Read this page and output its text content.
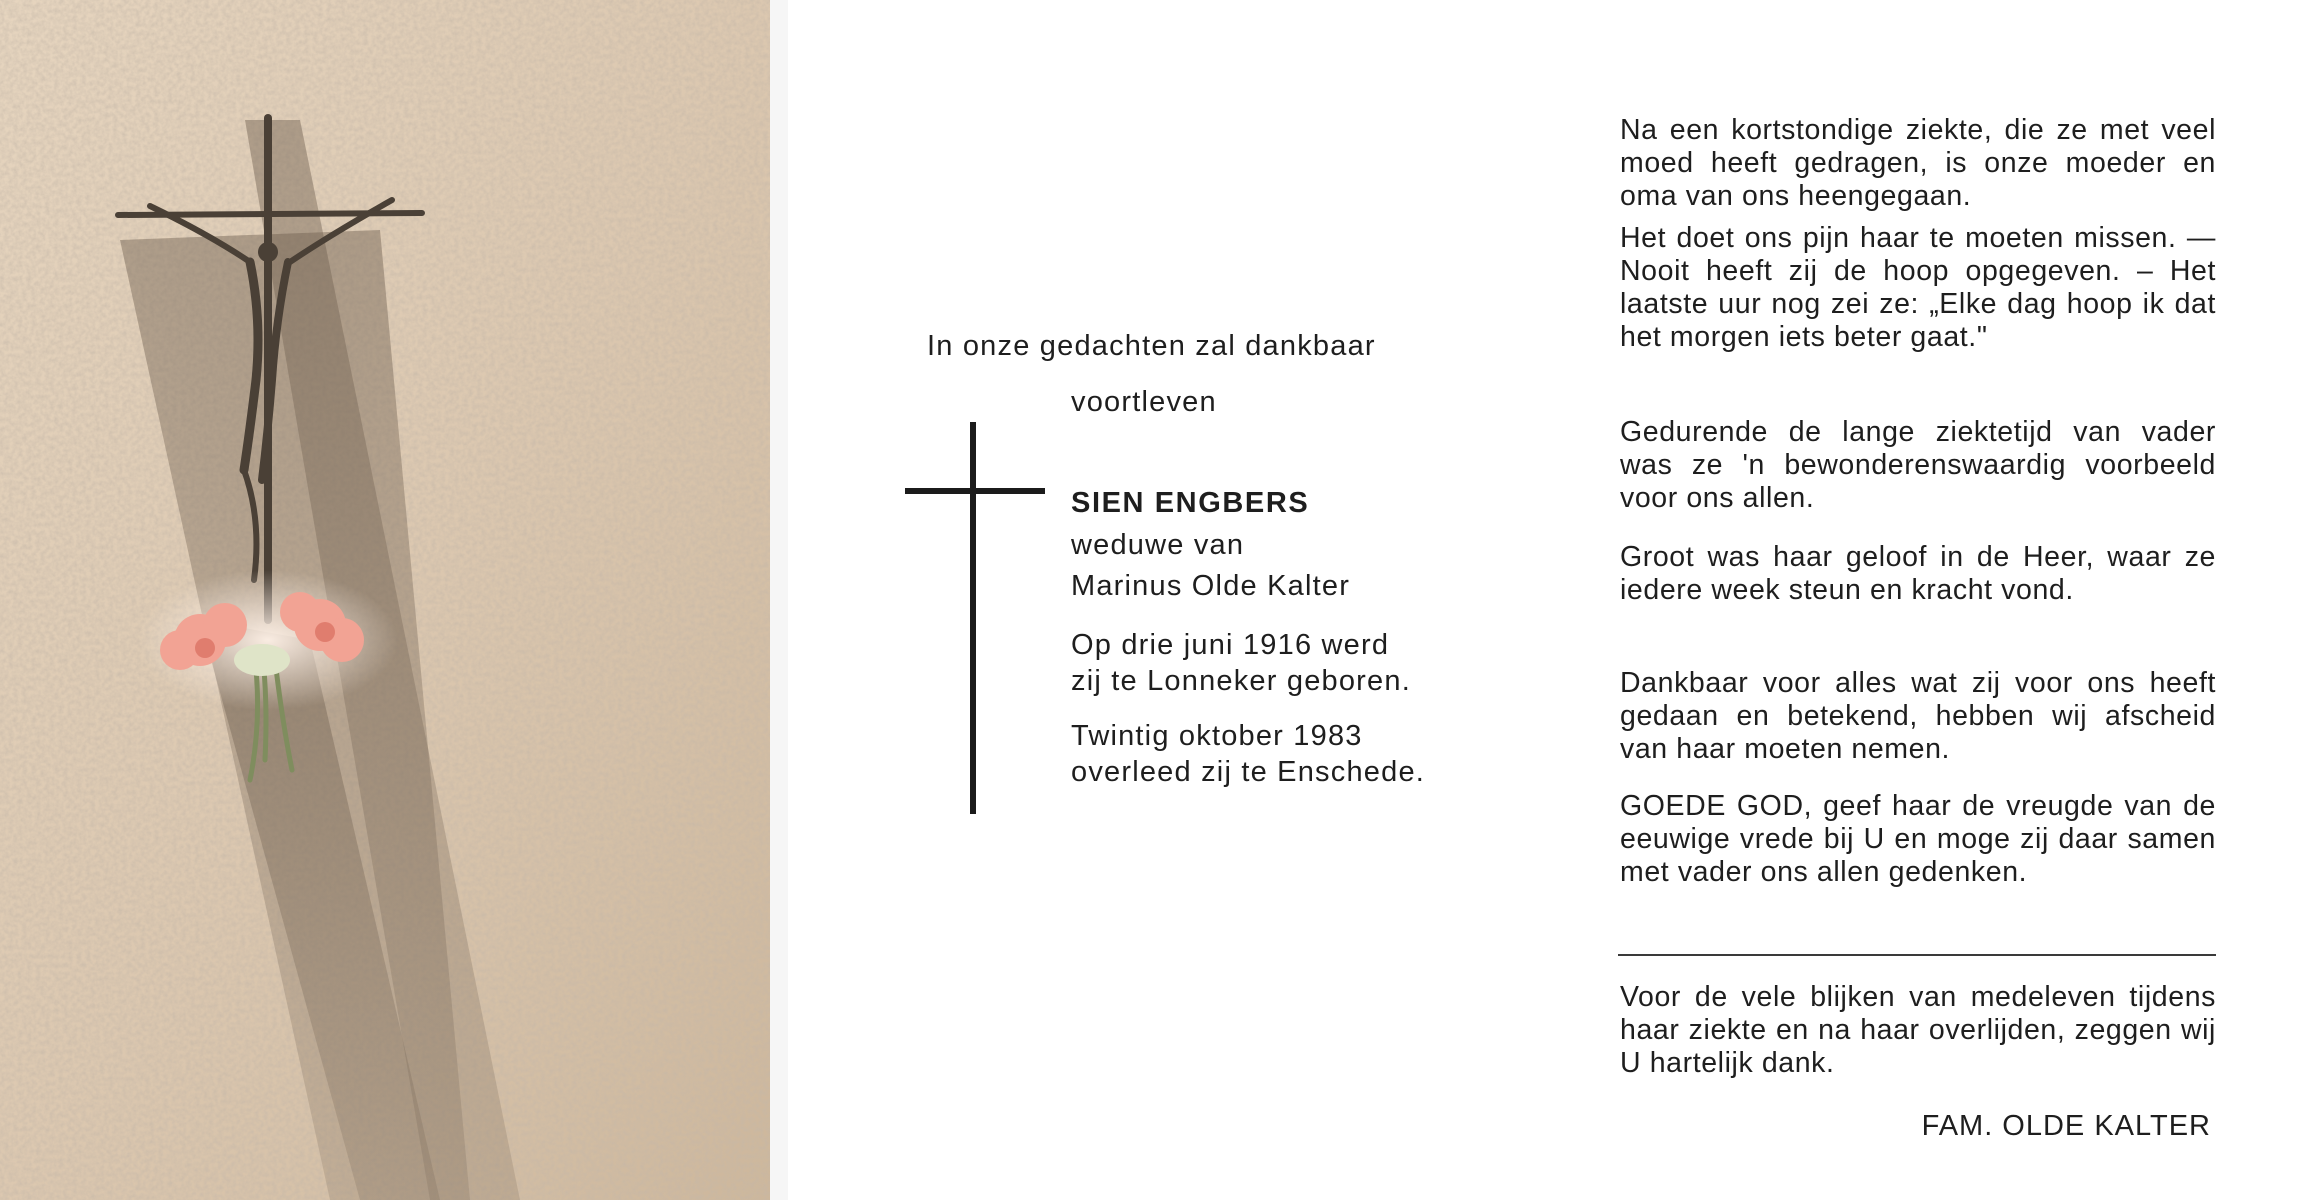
In onze gedachten zal dankbaar
voortleven
SIEN ENGBERS
weduwe van
Marinus Olde Kalter
Op drie juni 1916 werd
zij te Lonneker geboren.
Twintig oktober 1983
overleed zij te Enschede.
Na een kortstondige ziekte, die ze met veel moed heeft gedragen, is onze moeder en oma van ons heengegaan.
Het doet ons pijn haar te moeten missen. — Nooit heeft zij de hoop opgegeven. – Het laatste uur nog zei ze: „Elke dag hoop ik dat het morgen iets beter gaat."
Gedurende de lange ziektetijd van vader was ze 'n bewonderenswaardig voorbeeld voor ons allen.
Groot was haar geloof in de Heer, waar ze iedere week steun en kracht vond.
Dankbaar voor alles wat zij voor ons heeft gedaan en betekend, hebben wij afscheid van haar moeten nemen.
GOEDE GOD, geef haar de vreugde van de eeuwige vrede bij U en moge zij daar samen met vader ons allen gedenken.
Voor de vele blijken van medeleven tijdens haar ziekte en na haar overlijden, zeggen wij U hartelijk dank.
FAM. OLDE KALTER
